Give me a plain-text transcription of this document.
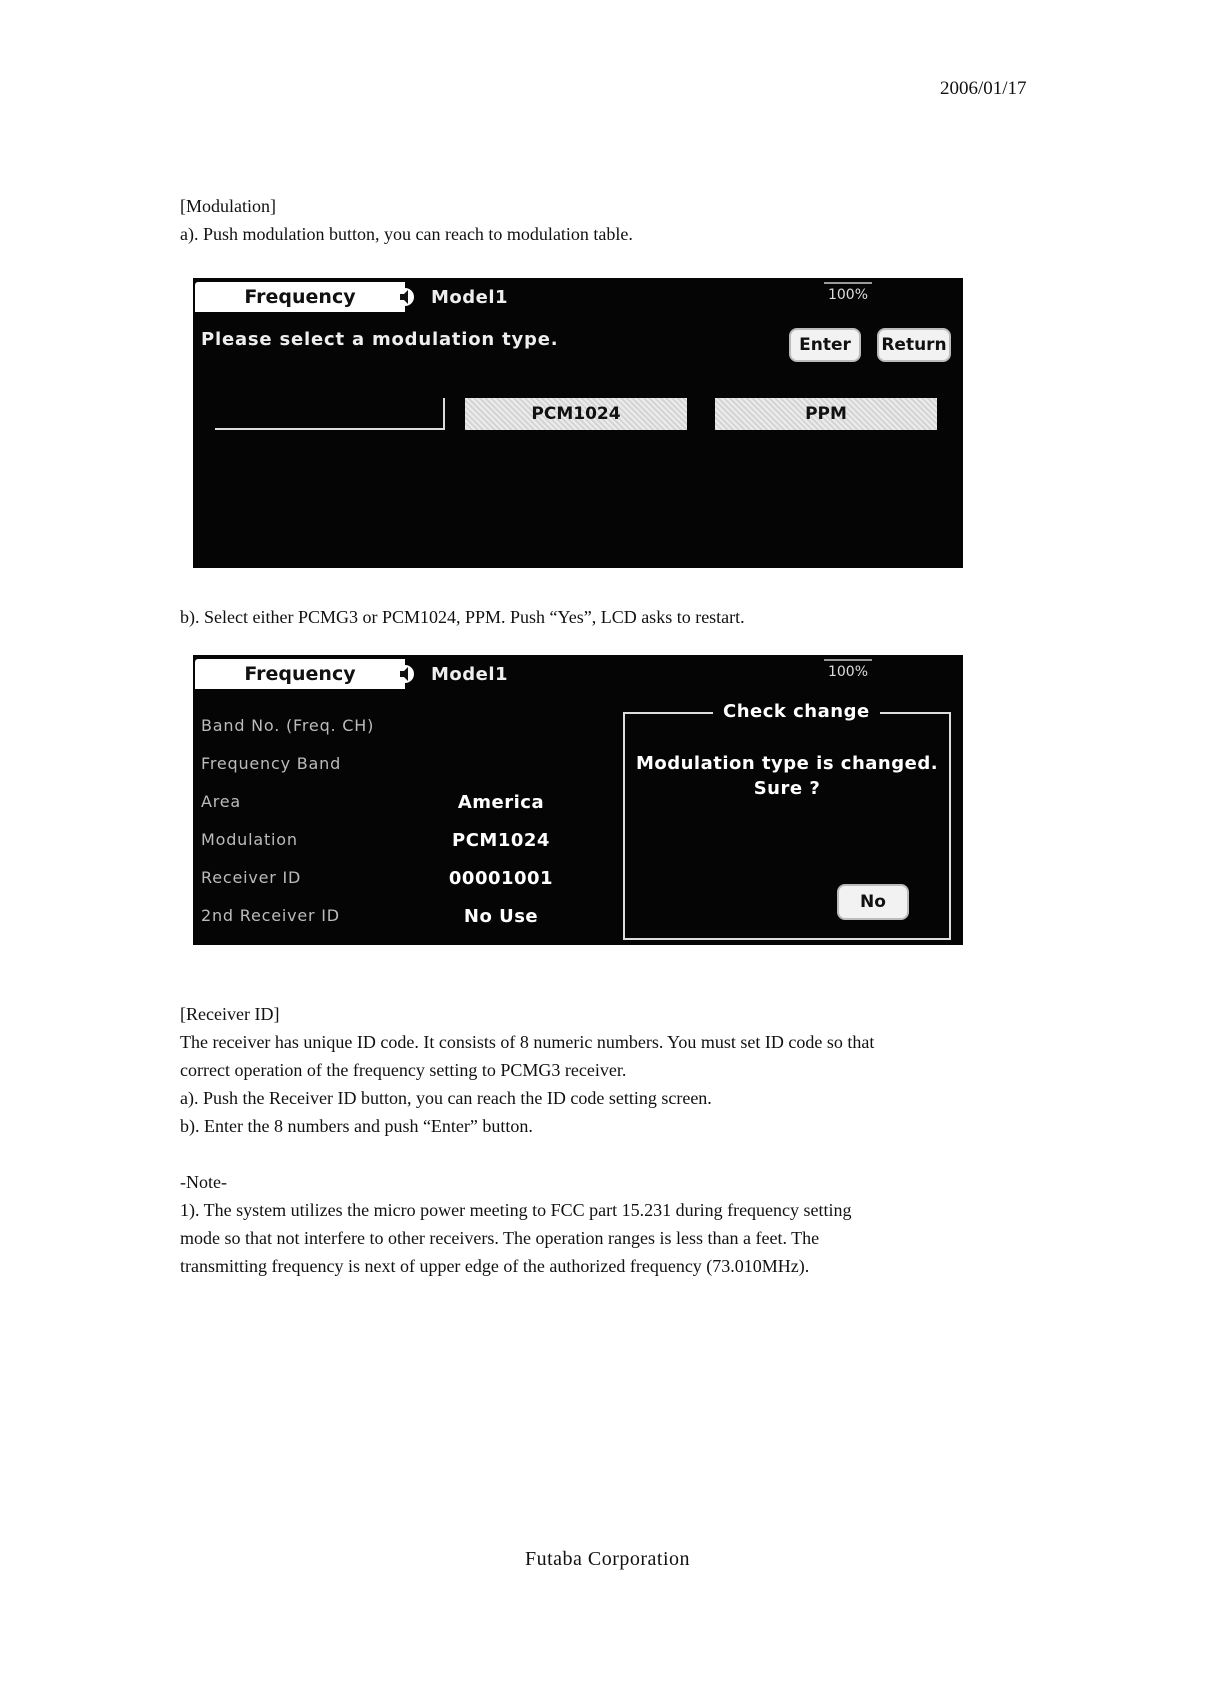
2006/01/17
[Modulation]
a). Push modulation button, you can reach to modulation table.
Frequency	Model1	100%
Please select a modulation type.	Enter	Return
PCM1024	PPM
b). Select either PCMG3 or PCM1024, PPM. Push “Yes”, LCD asks to restart.
Frequency	Model1	100%
Band No. (Freq. CH)
Frequency Band
Area	America
Modulation	PCM1024
Receiver ID	00001001
2nd Receiver ID	No Use
Check change
Modulation type is changed.
Sure ?
No
[Receiver ID]
The receiver has unique ID code. It consists of 8 numeric numbers. You must set ID code so that
correct operation of the frequency setting to PCMG3 receiver.
a). Push the Receiver ID button, you can reach the ID code setting screen.
b). Enter the 8 numbers and push “Enter” button.
-Note-
1). The system utilizes the micro power meeting to FCC part 15.231 during frequency setting
mode so that not interfere to other receivers. The operation ranges is less than a feet. The
transmitting frequency is next of upper edge of the authorized frequency (73.010MHz).
Futaba Corporation
